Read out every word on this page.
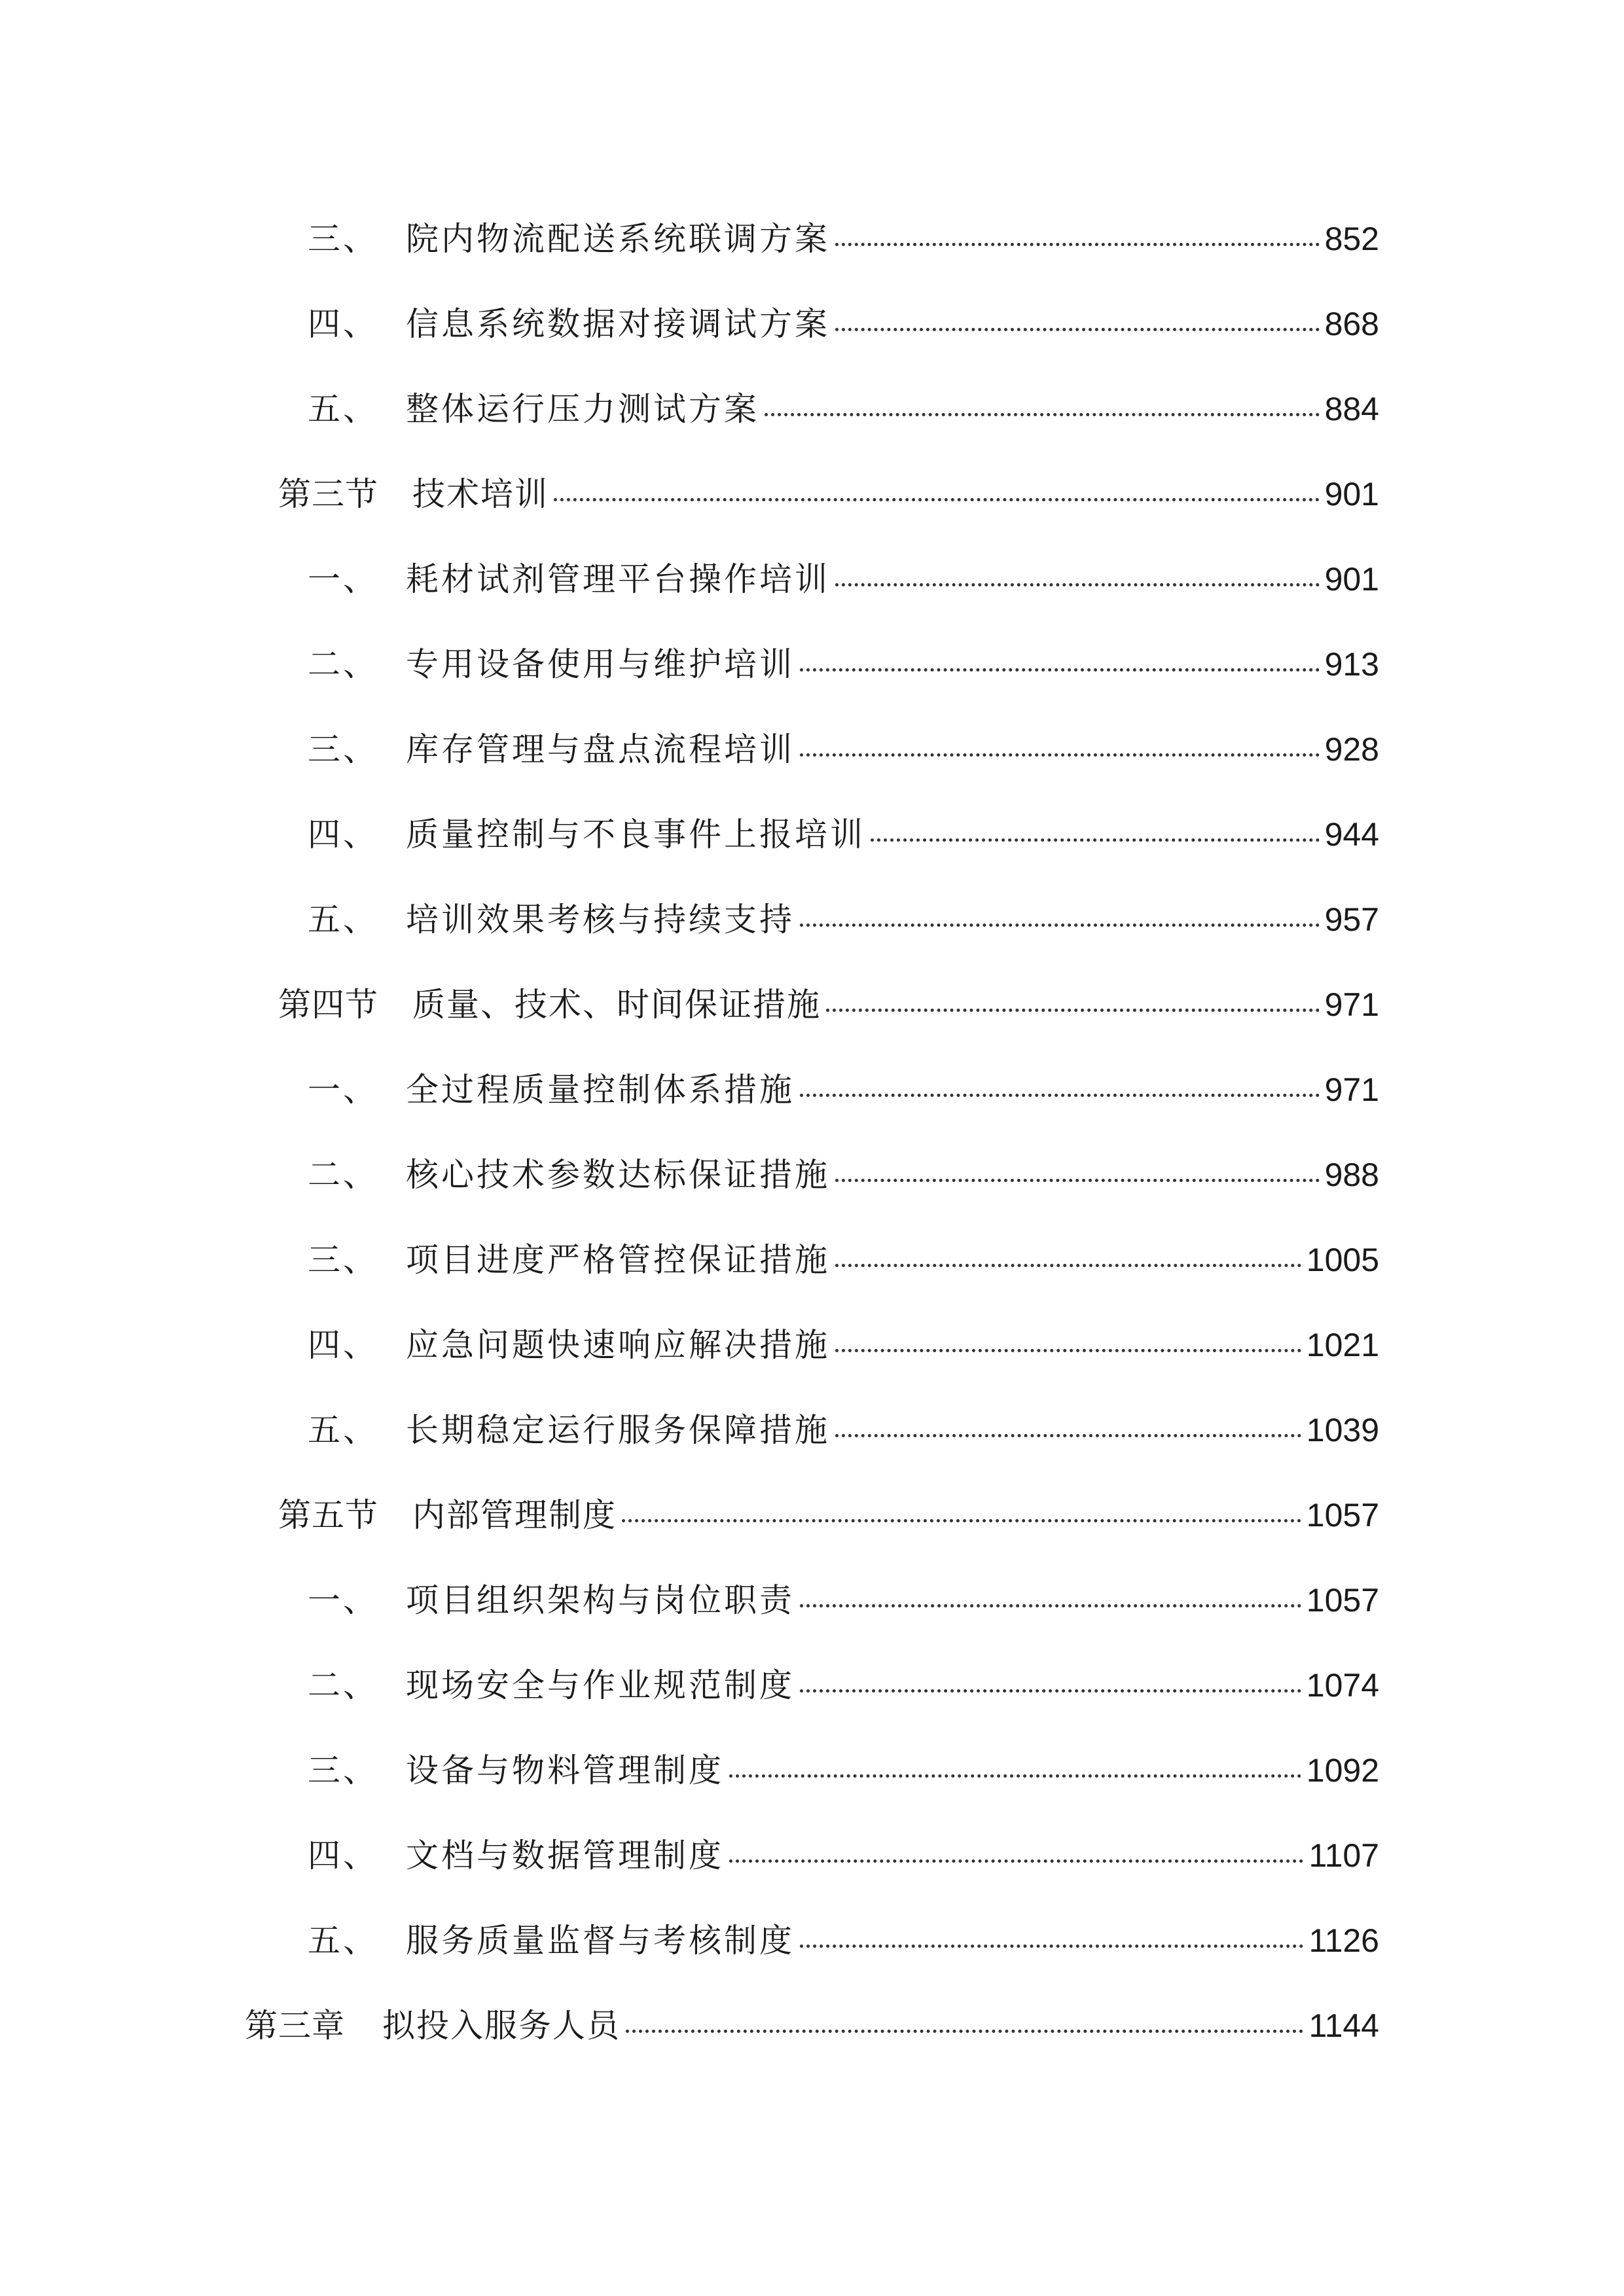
三、 院内物流配送系统联调方案	852
四、 信息系统数据对接调试方案	868
五、 整体运行压力测试方案	884
第三节	技术培训	901
一、 耗材试剂管理平台操作培训	901
二、 专用设备使用与维护培训	913
三、 库存管理与盘点流程培训	928
四、 质量控制与不良事件上报培训	944
五、 培训效果考核与持续支持	957
第四节	质量、技术、时间保证措施	971
一、 全过程质量控制体系措施	971
二、 核心技术参数达标保证措施	988
三、 项目进度严格管控保证措施	1005
四、 应急问题快速响应解决措施	1021
五、 长期稳定运行服务保障措施	1039
第五节	内部管理制度	1057
一、 项目组织架构与岗位职责	1057
二、 现场安全与作业规范制度	1074
三、 设备与物料管理制度	1092
四、 文档与数据管理制度	1107
五、 服务质量监督与考核制度	1126
第三章	拟投入服务人员	1144
